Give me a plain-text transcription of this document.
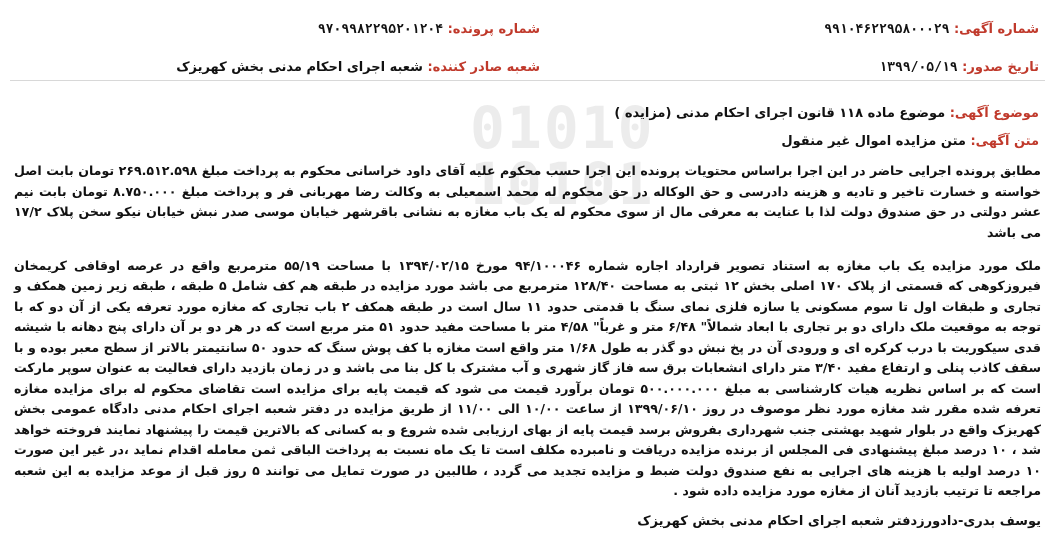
01010
10101
شماره آگهی: ۹۹۱۰۴۶۲۲۹۵۸۰۰۰۲۹
شماره پرونده: ۹۷۰۹۹۸۲۲۹۵۲۰۱۲۰۴
تاریخ صدور: ۱۳۹۹/۰۵/۱۹
شعبه صادر کننده: شعبه اجرای احکام مدنی بخش کهریزک
موضوع آگهی: موضوع ماده ۱۱۸ قانون اجرای احکام مدنی (مزایده )
متن آگهی: متن مزایده اموال غیر منقول

مطابق پرونده اجرایی حاضر در این اجرا براساس محتویات پرونده این اجرا حسب محکوم علیه آقای داود خراسانی محکوم به پرداخت مبلغ ۲۶۹.۵۱۲.۵۹۸ تومان بابت اصل خواسته و خسارت تاخیر و تادیه و هزینه دادرسی و حق الوکاله در حق محکوم له محمد اسمعیلی به وکالت رضا مهربانی فر و پرداخت مبلغ ۸.۷۵۰.۰۰۰ تومان بابت نیم عشر دولتی در حق صندوق دولت لذا با عنایت به معرفی مال از سوی محکوم له یک باب مغازه به نشانی باقرشهر خیابان موسی صدر نبش خیابان نیکو سخن پلاک ۱۷/۲ می باشد

ملک مورد مزایده یک باب مغازه به استناد تصویر قرارداد اجاره شماره ۹۴/۱۰۰۰۴۶ مورخ ۱۳۹۴/۰۲/۱۵ با مساحت ۵۵/۱۹ مترمربع واقع در عرصه اوقافی کریمخان فیروزکوهی که قسمتی از پلاک ۱۷۰ اصلی بخش ۱۲ ثبتی به مساحت ۱۲۸/۴۰ مترمربع می باشد مورد مزایده در طبقه هم کف شامل ۵ طبقه ، طبقه زیر زمین همکف و تجاری و طبقات اول تا سوم مسکونی یا سازه فلزی نمای سنگ با قدمتی حدود ۱۱ سال است در طبقه همکف ۲ باب تجاری که مغازه مورد تعرفه یکی از آن دو که با توجه به موقعیت ملک دارای دو بر تجاری با ابعاد شمالاً" ۶/۴۸ متر و غرباً" ۴/۵۸ متر با مساحت مفید حدود ۵۱ متر مربع است که در هر دو بر آن دارای پنج دهانه با شیشه قدی سیکوریت با درب کرکره ای و ورودی آن در پخ نبش دو گذر به طول ۱/۶۸ متر واقع است مغازه با کف پوش سنگ که حدود ۵۰ سانتیمتر بالاتر از سطح معبر بوده و با سقف کاذب پنلی و ارتفاع مفید ۳/۴۰ متر دارای انشعابات برق سه فاز گاز شهری و آب مشترک با کل بنا می باشد و در زمان بازدید دارای فعالیت به عنوان سوپر مارکت است که بر اساس نظریه هیات کارشناسی به مبلغ ۵۰۰.۰۰۰.۰۰۰ تومان برآورد قیمت می شود که قیمت پایه برای مزایده است تقاضای محکوم له برای مزایده مغازه تعرفه شده مقرر شد مغازه مورد نظر موصوف در روز ۱۳۹۹/۰۶/۱۰ از ساعت ۱۰/۰۰ الی ۱۱/۰۰ از طریق مزایده در دفتر شعبه اجرای احکام مدنی دادگاه عمومی بخش کهریزک واقع در بلوار شهید بهشتی جنب شهرداری بفروش برسد قیمت پایه از بهای ارزیابی شده شروع و به کسانی که بالاترین قیمت را پیشنهاد نمایند فروخته خواهد شد ، ۱۰ درصد مبلغ پیشنهادی فی المجلس از برنده مزایده دریافت و نامبرده مکلف است تا یک ماه نسبت به پرداخت الباقی ثمن معامله اقدام نماید ،در غیر این صورت ۱۰ درصد اولیه با هزینه های اجرایی به نفع صندوق دولت ضبط و مزایده تجدید می گردد ، طالبین در صورت تمایل می توانند ۵ روز قبل از موعد مزایده به این شعبه مراجعه تا ترتیب بازدید آنان از مغازه مورد مزایده داده شود .

یوسف بدری-دادورزدفتر شعبه اجرای احکام مدنی بخش کهریزک
